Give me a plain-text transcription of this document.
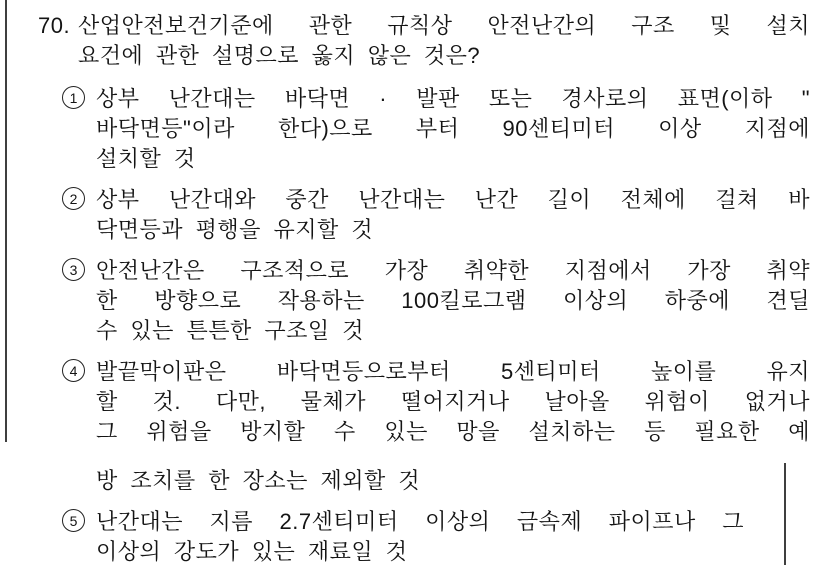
70. 산업안전보건기준에 관한 규칙상 안전난간의 구조 및 설치
요건에 관한 설명으로 옳지 않은 것은?
1 상부 난간대는 바닥면 · 발판 또는 경사로의 표면(이하 "
바닥면등"이라 한다)으로 부터 90센티미터 이상 지점에
설치할 것
2 상부 난간대와 중간 난간대는 난간 길이 전체에 걸쳐 바
닥면등과 평행을 유지할 것
3 안전난간은 구조적으로 가장 취약한 지점에서 가장 취약
한 방향으로 작용하는 100킬로그램 이상의 하중에 견딜
수 있는 튼튼한 구조일 것
4 발끝막이판은 바닥면등으로부터 5센티미터 높이를 유지
할 것. 다만, 물체가 떨어지거나 날아올 위험이 없거나
그 위험을 방지할 수 있는 망을 설치하는 등 필요한 예
방 조치를 한 장소는 제외할 것
5 난간대는 지름 2.7센티미터 이상의 금속제 파이프나 그
이상의 강도가 있는 재료일 것
